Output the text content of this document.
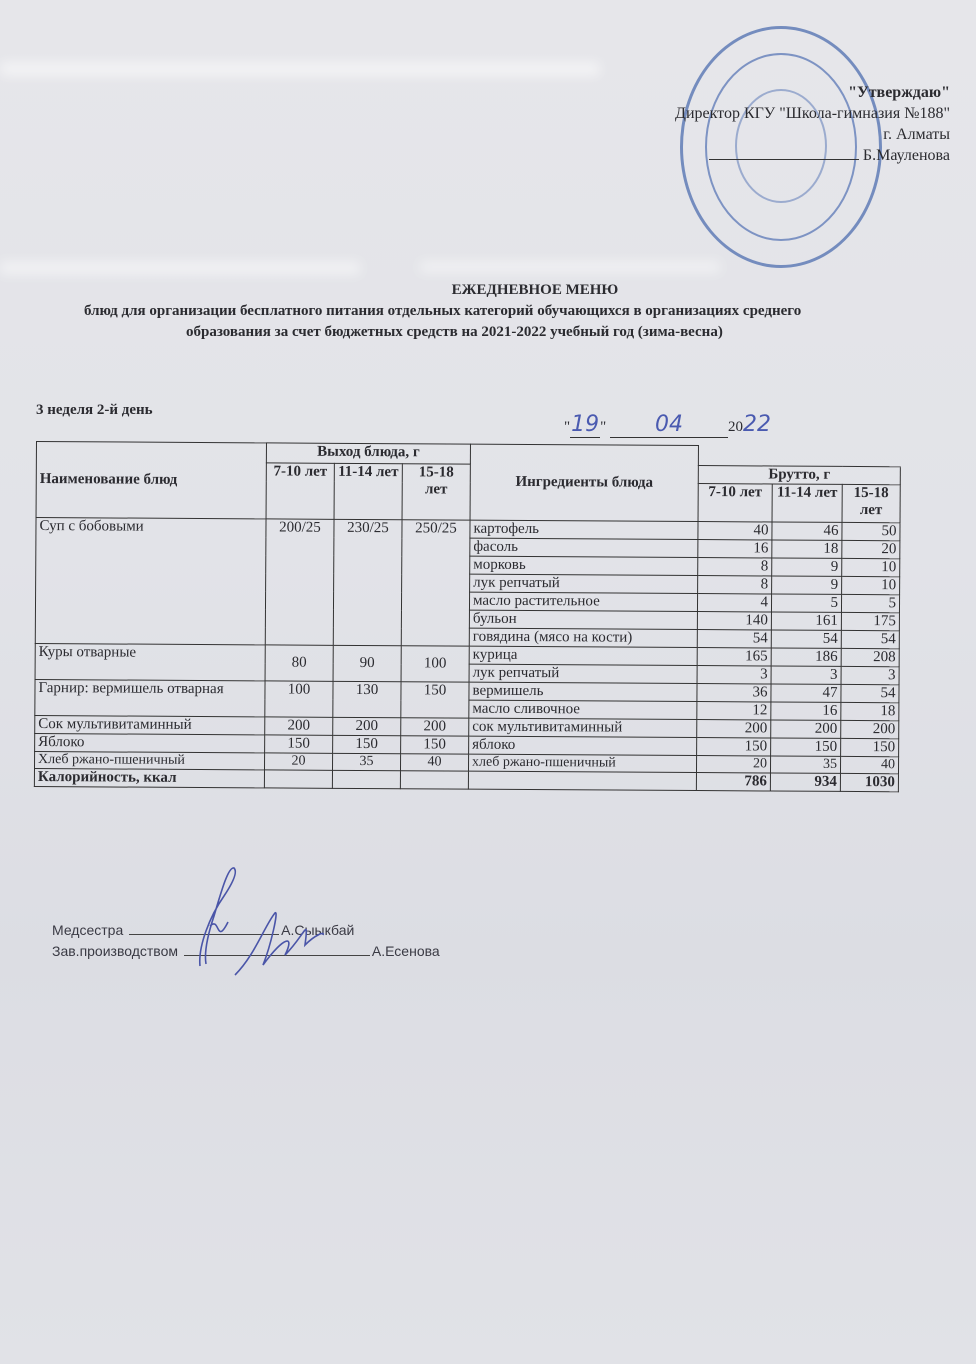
"Утверждаю"
Директор КГУ "Школа-гимназия №188"
г. Алматы
Б.Мауленова
ЕЖЕДНЕВНОЕ МЕНЮ
блюд для организации бесплатного питания отдельных категорий обучающихся в организациях среднего
образования за счет бюджетных средств на 2021-2022 учебный год (зима-весна)
3 неделя 2-й день
"19" 04	2022
Наименование блюд	Выход блюда, г			Ингредиенты блюда			
	7-10 лет	11-14 лет	15-18 лет		Брутто, г		
					7-10 лет	11-14 лет	15-18 лет
Суп с бобовыми	200/25	230/25	250/25	картофель	40	46	50
				фасоль	16	18	20
				морковь	8	9	10
				лук репчатый	8	9	10
				масло растительное	4	5	5
				бульон	140	161	175
				говядина (мясо на кости)	54	54	54
Куры отварные	80	90	100	курица	165	186	208
				лук репчатый	3	3	3
Гарнир: вермишель отварная	100	130	150	вермишель	36	47	54
				масло сливочное	12	16	18
Сок мультивитаминный	200	200	200	сок мультивитаминный	200	200	200
Яблоко	150	150	150	яблоко	150	150	150
Хлеб ржано-пшеничный	20	35	40	хлеб ржано-пшеничный	20	35	40
Калорийность, ккал					786	934	1030
Медсестра	А.Сыыкбай
Зав.производством	А.Есенова
